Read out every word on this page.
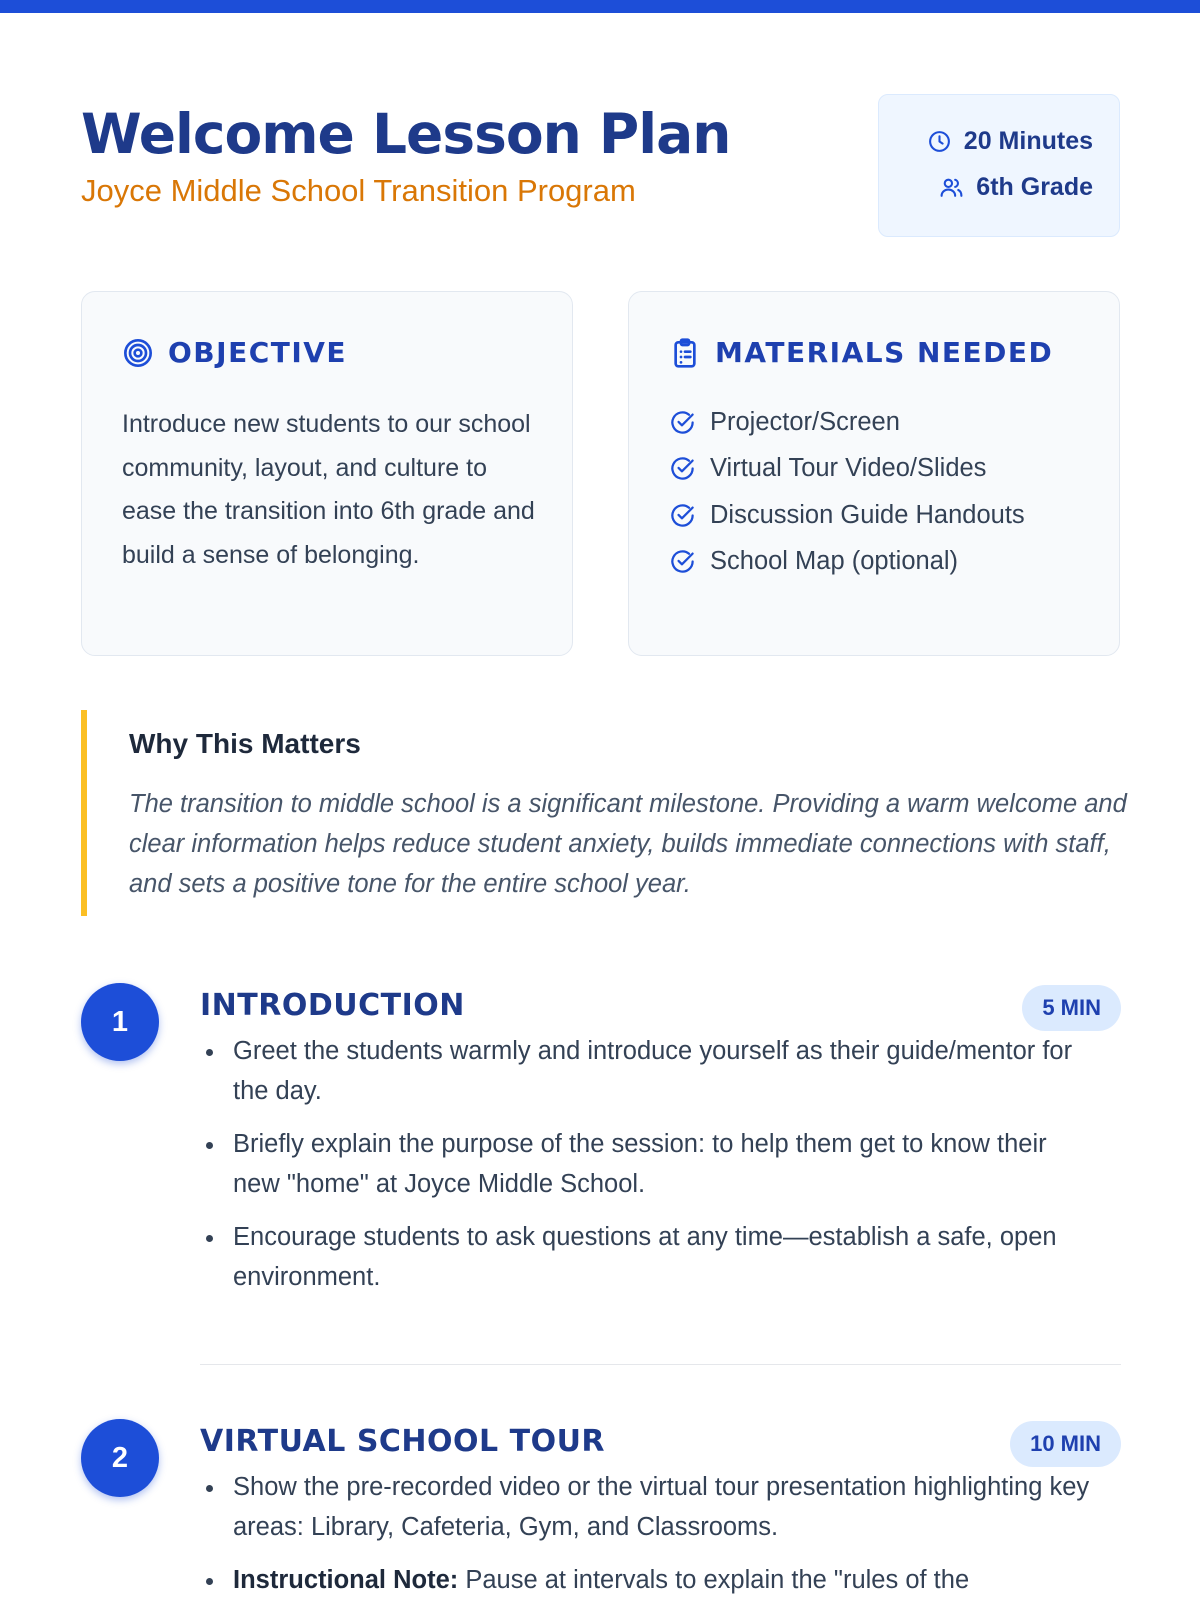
Welcome Lesson Plan
Joyce Middle School Transition Program
20 Minutes
6th Grade
OBJECTIVE

Introduce new students to our school community, layout, and culture to ease the transition into 6th grade and build a sense of belonging.

MATERIALS NEEDED
Projector/Screen
Virtual Tour Video/Slides
Discussion Guide Handouts
School Map (optional)
Why This Matters

The transition to middle school is a significant milestone. Providing a warm welcome and clear information helps reduce student anxiety, builds immediate connections with staff, and sets a positive tone for the entire school year.

1	INTRODUCTION	5 MIN
Greet the students warmly and introduce yourself as their guide/mentor for the day.
Briefly explain the purpose of the session: to help them get to know their new "home" at Joyce Middle School.
Encourage students to ask questions at any time—establish a safe, open environment.
2	VIRTUAL SCHOOL TOUR	10 MIN
Show the pre-recorded video or the virtual tour presentation highlighting key areas: Library, Cafeteria, Gym, and Classrooms.
Instructional Note: Pause at intervals to explain the "rules of the
